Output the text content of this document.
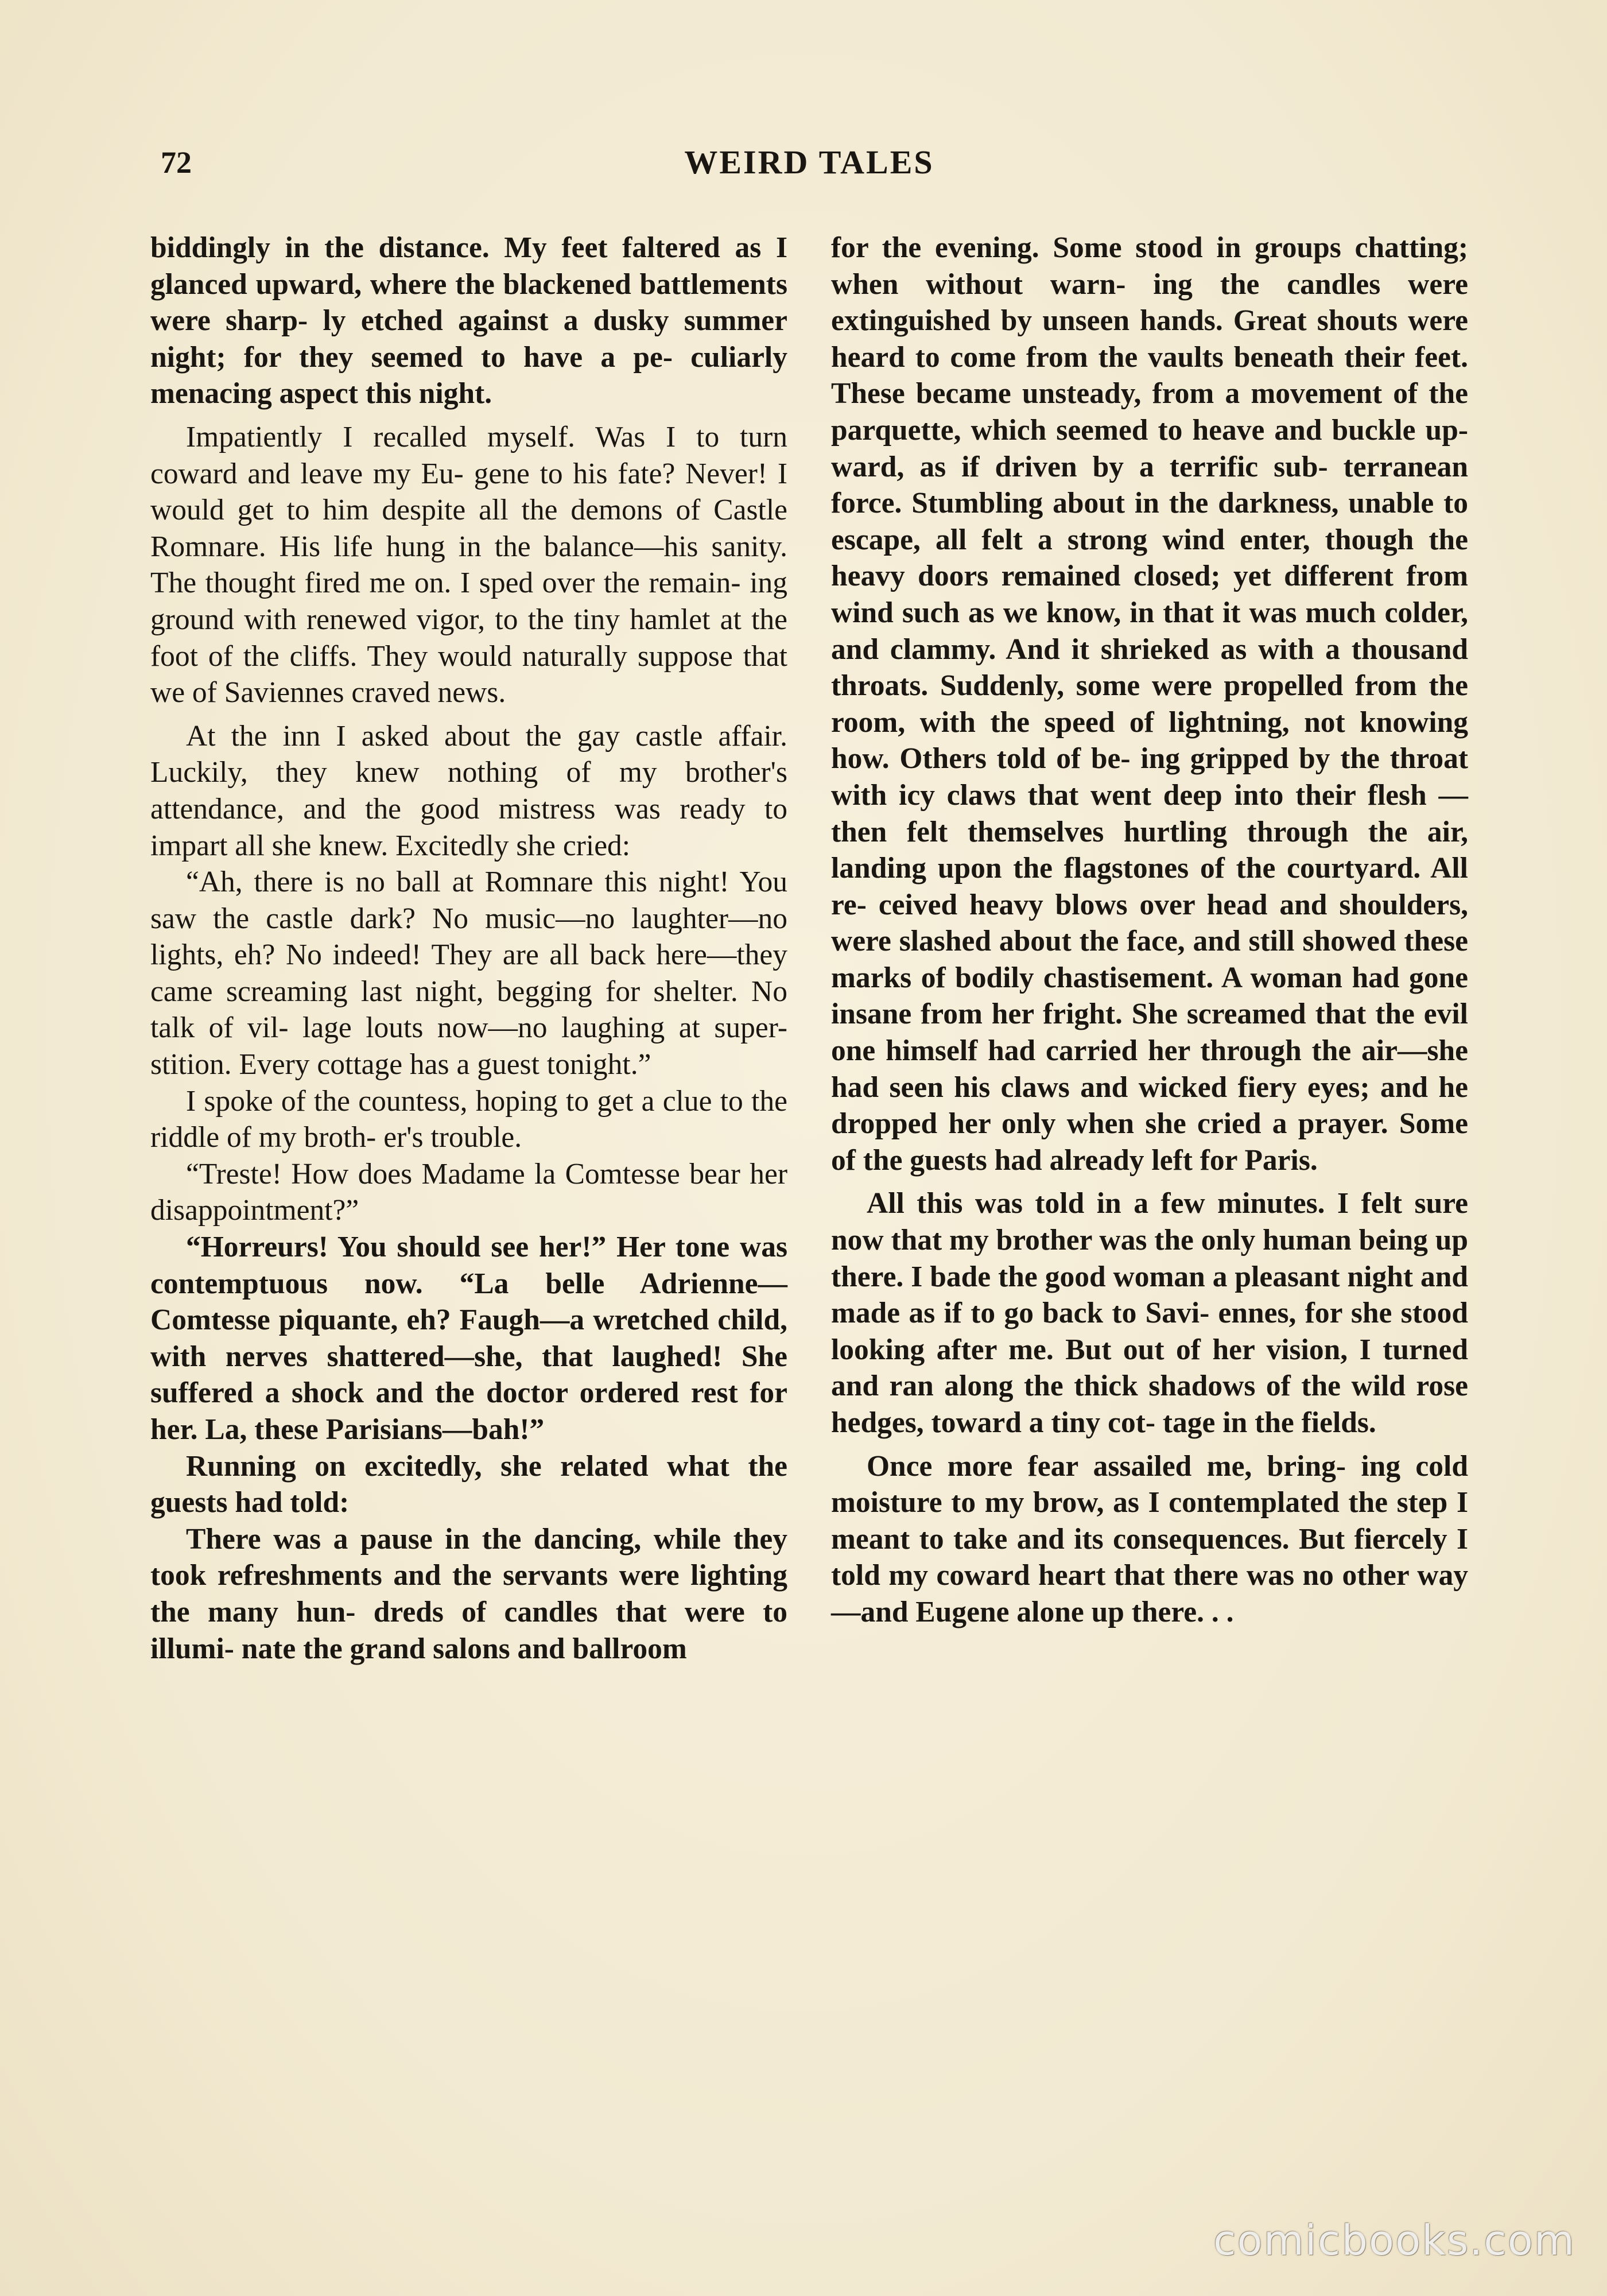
72	WEIRD TALES

biddingly in the distance. My feet faltered as I glanced upward, where the blackened battlements were sharp- ly etched against a dusky summer night; for they seemed to have a pe- culiarly menacing aspect this night.

Impatiently I recalled myself. Was I to turn coward and leave my Eu- gene to his fate? Never! I would get to him despite all the demons of Castle Romnare. His life hung in the balance—his sanity. The thought fired me on. I sped over the remain- ing ground with renewed vigor, to the tiny hamlet at the foot of the cliffs. They would naturally suppose that we of Saviennes craved news.

At the inn I asked about the gay castle affair. Luckily, they knew nothing of my brother's attendance, and the good mistress was ready to impart all she knew. Excitedly she cried:

“Ah, there is no ball at Romnare this night! You saw the castle dark? No music—no laughter—no lights, eh? No indeed! They are all back here—they came screaming last night, begging for shelter. No talk of vil- lage louts now—no laughing at super- stition. Every cottage has a guest tonight.”

I spoke of the countess, hoping to get a clue to the riddle of my broth- er's trouble.

“Treste! How does Madame la Comtesse bear her disappointment?”

“Horreurs! You should see her!” Her tone was contemptuous now. “La belle Adrienne—Comtesse piquante, eh? Faugh—a wretched child, with nerves shattered—she, that laughed! She suffered a shock and the doctor ordered rest for her. La, these Parisians—bah!”

Running on excitedly, she related what the guests had told:

There was a pause in the dancing, while they took refreshments and the servants were lighting the many hun- dreds of candles that were to illumi- nate the grand salons and ballroom

for the evening. Some stood in groups chatting; when without warn- ing the candles were extinguished by unseen hands. Great shouts were heard to come from the vaults beneath their feet. These became unsteady, from a movement of the parquette, which seemed to heave and buckle up- ward, as if driven by a terrific sub- terranean force. Stumbling about in the darkness, unable to escape, all felt a strong wind enter, though the heavy doors remained closed; yet different from wind such as we know, in that it was much colder, and clammy. And it shrieked as with a thousand throats. Suddenly, some were propelled from the room, with the speed of lightning, not knowing how. Others told of be- ing gripped by the throat with icy claws that went deep into their flesh —then felt themselves hurtling through the air, landing upon the flagstones of the courtyard. All re- ceived heavy blows over head and shoulders, were slashed about the face, and still showed these marks of bodily chastisement. A woman had gone insane from her fright. She screamed that the evil one himself had carried her through the air—she had seen his claws and wicked fiery eyes; and he dropped her only when she cried a prayer. Some of the guests had already left for Paris.

All this was told in a few minutes. I felt sure now that my brother was the only human being up there. I bade the good woman a pleasant night and made as if to go back to Savi- ennes, for she stood looking after me. But out of her vision, I turned and ran along the thick shadows of the wild rose hedges, toward a tiny cot- tage in the fields.

Once more fear assailed me, bring- ing cold moisture to my brow, as I contemplated the step I meant to take and its consequences. But fiercely I told my coward heart that there was no other way—and Eugene alone up there. . .

comicbooks.com
